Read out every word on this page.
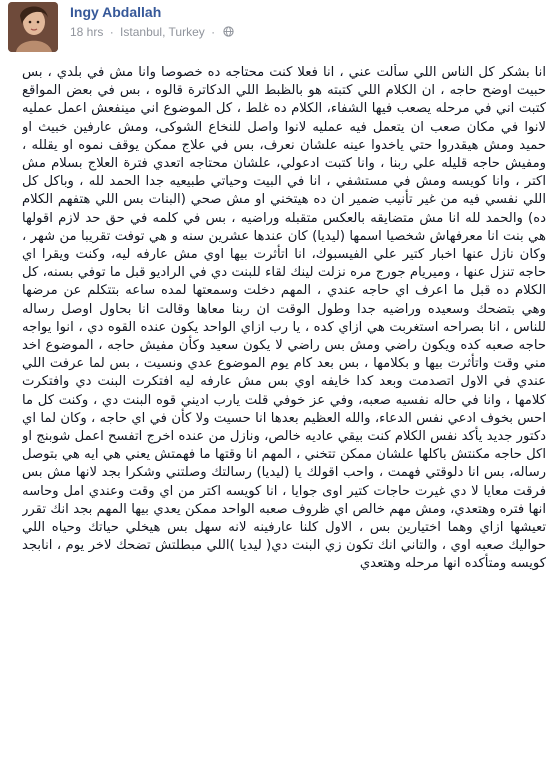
Ingy Abdallah
18 hrs · Istanbul, Turkey ·
انا بشكر كل الناس اللي سألت عني ، انا فعلا كنت محتاجه ده خصوصا وانا مش في بلدي ، بس حبيت اوضح حاجه ، ان الكلام اللي كتبته هو بالظبط اللي الدكاترة قالوه ، بس في بعض المواقع كتبت اني في مرحله يصعب فيها الشفاء، الكلام ده غلط ، كل الموضوع اني مينفعش اعمل عمليه لانوا في مكان صعب ان يتعمل فيه عمليه لانوا واصل للنخاع الشوكى، ومش عارفين خبيث او حميد ومش هيقدروا حتي ياخدوا عينه علشان نعرف، بس في علاج ممكن يوقف نموه او يقلله ، ومفيش حاجه قليله علي ربنا ، وانا كتبت ادعولي، علشان محتاجه اتعدي فترة العلاج بسلام مش اكتر ، وانا كويسه ومش في مستشفي ، انا في البيت وحياتي طبيعيه جدا الحمد لله ، وباكل كل اللي نفسي فيه من غير تأنيب ضمير ان ده هيتخني او مش صحي (البنات بس اللي هتفهم الكلام ده) والحمد لله انا مش متضايقه بالعكس متقبله وراضيه ، بس في كلمه في حق حد لازم اقولها هي بنت انا معرفهاش شخصيا اسمها (ليديا) كان عندها عشرين سنه و هي توفت تقريبا من شهر ، وكان نازل عنها اخبار كتير علي الفيسبوك، انا اتأثرت بيها اوي مش عارفه ليه، وكنت ويقرا اي حاجه تنزل عنها ، وميريام جورج مره نزلت لينك لقاء للبنت دي في الراديو قبل ما توفي بسنه، كل الكلام ده قبل ما اعرف اي حاجه عندي ، المهم دخلت وسمعتها لمده ساعه بتتكلم عن مرضها وهي بتضحك وسعيده وراضيه جدا وطول الوقت ان ربنا معاها وقالت انا بحاول اوصل رساله للناس ، انا بصراحه استغربت هي ازاي كده ، يا رب ازاي الواحد يكون عنده القوه دي ، انوا يواجه حاجه صعبه كده ويكون راضي ومش بس راضي لا يكون سعيد وكأن مفيش حاجه ، الموضوع اخد مني وقت واتأثرت بيها و بكلامها ، بس بعد كام يوم الموضوع عدي ونسيت ، بس لما عرفت اللي عندي في الاول اتصدمت وبعد كدا خايفه اوي بس مش عارفه ليه افتكرت البنت دي وافتكرت كلامها ، وانا في حاله نفسيه صعبه، وفي عز خوفي قلت يارب اديني قوه البنت دي ، وكنت كل ما احس بخوف ادعي نفس الدعاء، والله العظيم بعدها انا حسيت ولا كأن في اي حاجه ، وكان لما اي دكتور جديد يأكد نفس الكلام كنت بيقي عاديه خالص، ونازل من عنده اخرج اتفسح اعمل شوبنج او اكل حاجه مكنتش باكلها علشان ممكن تتخني ، المهم انا وقتها ما فهمتش يعني هي ايه هي بتوصل رساله، بس انا دلوقتي فهمت ، واحب اقولك يا (ليديا) رسالتك وصلتني وشكرا بجد لانها مش بس فرقت معايا لا دي غيرت حاجات كتير اوى جوايا ، انا كويسه اكتر من اي وقت وعندي امل وحاسه انها فتره وهتعدي، ومش مهم خالص اي ظروف صعبه الواحد ممكن يعدي بيها المهم بجد انك تقرر تعيشها ازاي وهما اختيارين بس ، الاول كلنا عارفينه لانه سهل بس هيخلي حياتك وحياه اللي حواليك صعبه اوي ، والتاني انك تكون زي البنت دي( ليديا )اللي مبطلتش تضحك لاخر يوم ، انابجد كويسه ومتأكده انها مرحله وهتعدي
